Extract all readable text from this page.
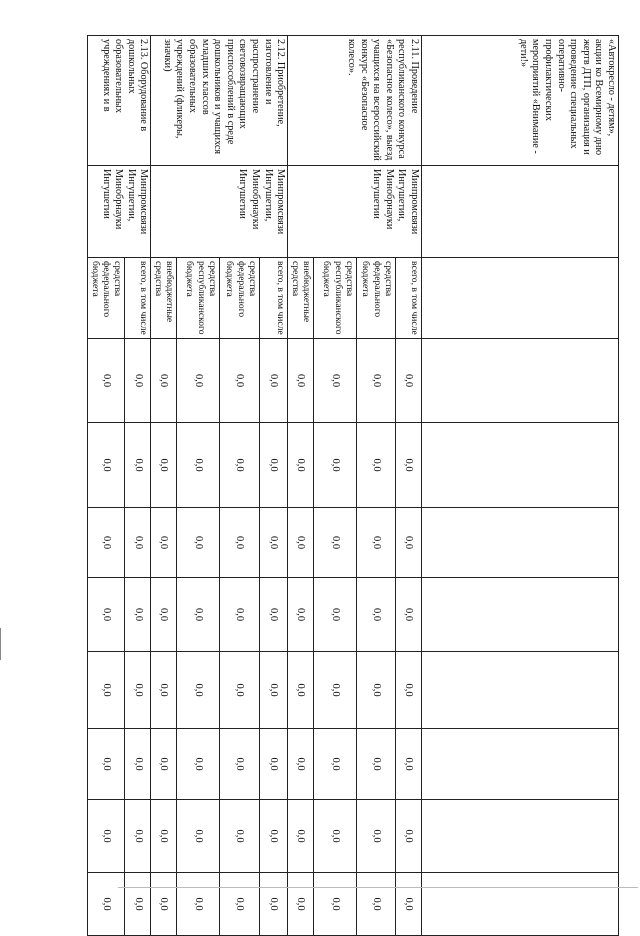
«Автокресло - детям», акции ко Всемирному дню жертв ДТП, организация и проведение специальных оперативно-профилактических мероприятий «Внимание - дети!»										
2.11. Проведение республиканского конкурса «Безопасное колесо», выезд учащихся на всероссийский конкурс «Безопасное колесо».	Минпромсвязи Ингушетии, Минобрнауки Ингушетии	всего, в том числе	0,0	0,0	0,0	0,0	0,0	0,0	0,0	0,0
		средства федерального бюджета	0,0	0,0	0,0	0,0	0,0	0,0	0,0	0,0
		средства республиканского бюджета	0,0	0,0	0,0	0,0	0,0	0,0	0,0	0,0
		внебюджетные средства	0,0	0,0	0,0	0,0	0,0	0,0	0,0	0,0
2.12. Приобретение, изготовление и распространение световозвращающих приспособлений в среде дошкольников и учащихся младших классов образовательных учреждений (фликеры, значки)	Минпромсвязи Ингушетии, Минобрнауки Ингушетии	всего, в том числе	0,0	0,0	0,0	0,0	0,0	0,0	0,0	0,0
		средства федерального бюджета	0,0	0,0	0,0	0,0	0,0	0,0	0,0	0,0
		средства республиканского бюджета	0,0	0,0	0,0	0,0	0,0	0,0	0,0	0,0
		внебюджетные средства	0,0	0,0	0,0	0,0	0,0	0,0	0,0	0,0
2.13. Оборудование в дошкольных образовательных учреждениях и в	Минпромсвязи Ингушетии, Минобрнауки Ингушетии	всего, в том числе	0,0	0,0	0,0	0,0	0,0	0,0	0,0	0,0
		средства федерального бюджета	0,0	0,0	0,0	0,0	0,0	0,0	0,0	0,0
